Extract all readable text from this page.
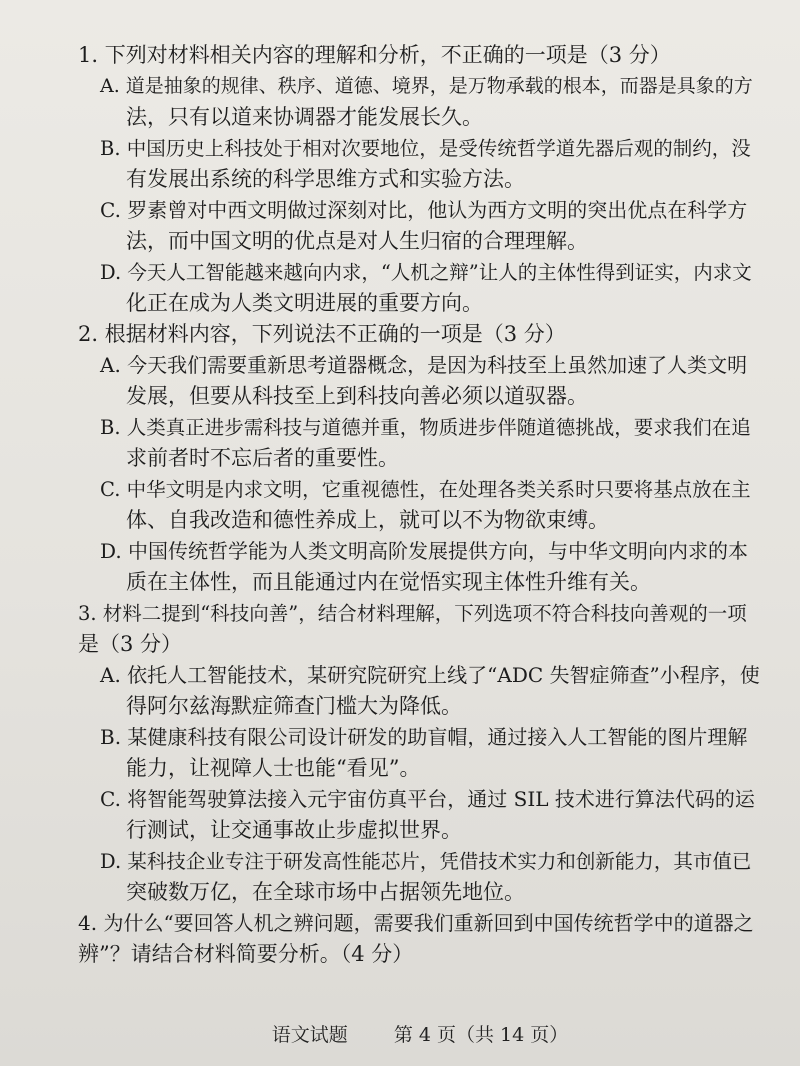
1. 下列对材料相关内容的理解和分析，不正确的一项是（3 分）
A. 道是抽象的规律、秩序、道德、境界，是万物承载的根本，而器是具象的方
法，只有以道来协调器才能发展长久。
B. 中国历史上科技处于相对次要地位，是受传统哲学道先器后观的制约，没
有发展出系统的科学思维方式和实验方法。
C. 罗素曾对中西文明做过深刻对比，他认为西方文明的突出优点在科学方
法，而中国文明的优点是对人生归宿的合理理解。
D. 今天人工智能越来越向内求，“人机之辩”让人的主体性得到证实，内求文
化正在成为人类文明进展的重要方向。
2. 根据材料内容，下列说法不正确的一项是（3 分）
A. 今天我们需要重新思考道器概念，是因为科技至上虽然加速了人类文明
发展，但要从科技至上到科技向善必须以道驭器。
B. 人类真正进步需科技与道德并重，物质进步伴随道德挑战，要求我们在追
求前者时不忘后者的重要性。
C. 中华文明是内求文明，它重视德性，在处理各类关系时只要将基点放在主
体、自我改造和德性养成上，就可以不为物欲束缚。
D. 中国传统哲学能为人类文明高阶发展提供方向，与中华文明向内求的本
质在主体性，而且能通过内在觉悟实现主体性升维有关。
3. 材料二提到“科技向善”，结合材料理解，下列选项不符合科技向善观的一项
是（3 分）
A. 依托人工智能技术，某研究院研究上线了“ADC 失智症筛查”小程序，使
得阿尔兹海默症筛查门槛大为降低。
B. 某健康科技有限公司设计研发的助盲帽，通过接入人工智能的图片理解
能力，让视障人士也能“看见”。
C. 将智能驾驶算法接入元宇宙仿真平台，通过 SIL 技术进行算法代码的运
行测试，让交通事故止步虚拟世界。
D. 某科技企业专注于研发高性能芯片，凭借技术实力和创新能力，其市值已
突破数万亿，在全球市场中占据领先地位。
4. 为什么“要回答人机之辨问题，需要我们重新回到中国传统哲学中的道器之
辨”？请结合材料简要分析。（4 分）
语文试题 第 4 页（共 14 页）
